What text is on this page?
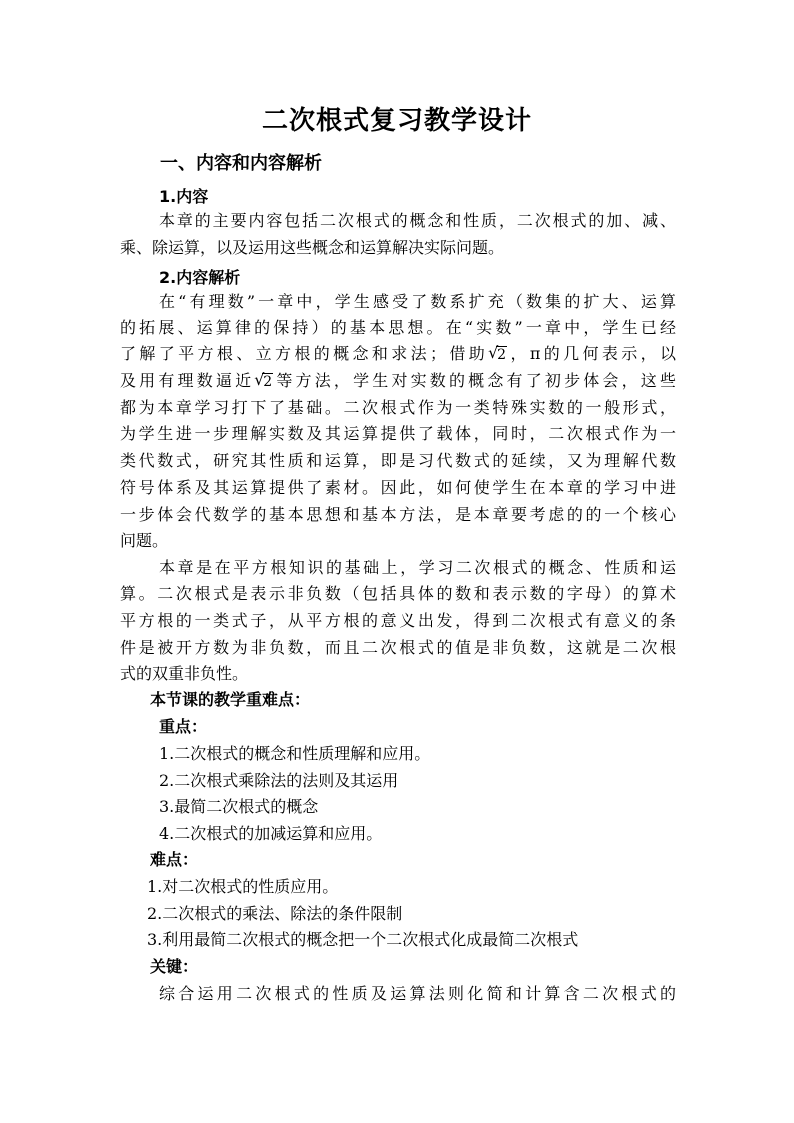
二次根式复习教学设计
一、内容和内容解析
1.内容
本章的主要内容包括二次根式的概念和性质，二次根式的加、减、
乘、除运算，以及运用这些概念和运算解决实际问题。
2.内容解析
在“有理数”一章中，学生感受了数系扩充（数集的扩大、运算
的拓展、运算律的保持）的基本思想。在“实数”一章中，学生已经
了解了平方根、立方根的概念和求法；借助 √ 2，π的几何表示，以
及用有理数逼近 √ 2等方法，学生对实数的概念有了初步体会，这些
都为本章学习打下了基础。二次根式作为一类特殊实数的一般形式，
为学生进一步理解实数及其运算提供了载体，同时，二次根式作为一
类代数式，研究其性质和运算，即是习代数式的延续，又为理解代数
符号体系及其运算提供了素材。因此，如何使学生在本章的学习中进
一步体会代数学的基本思想和基本方法，是本章要考虑的的一个核心
问题。
本章是在平方根知识的基础上，学习二次根式的概念、性质和运
算。二次根式是表示非负数（包括具体的数和表示数的字母）的算术
平方根的一类式子，从平方根的意义出发，得到二次根式有意义的条
件是被开方数为非负数，而且二次根式的值是非负数，这就是二次根
式的双重非负性。
本节课的教学重难点：
重点：
1.二次根式的概念和性质理解和应用。
2.二次根式乘除法的法则及其运用
3.最简二次根式的概念
4.二次根式的加减运算和应用。
难点：
1.对二次根式的性质应用。
2.二次根式的乘法、除法的条件限制
3.利用最简二次根式的概念把一个二次根式化成最简二次根式
关键：
综合运用二次根式的性质及运算法则化简和计算含二次根式的
